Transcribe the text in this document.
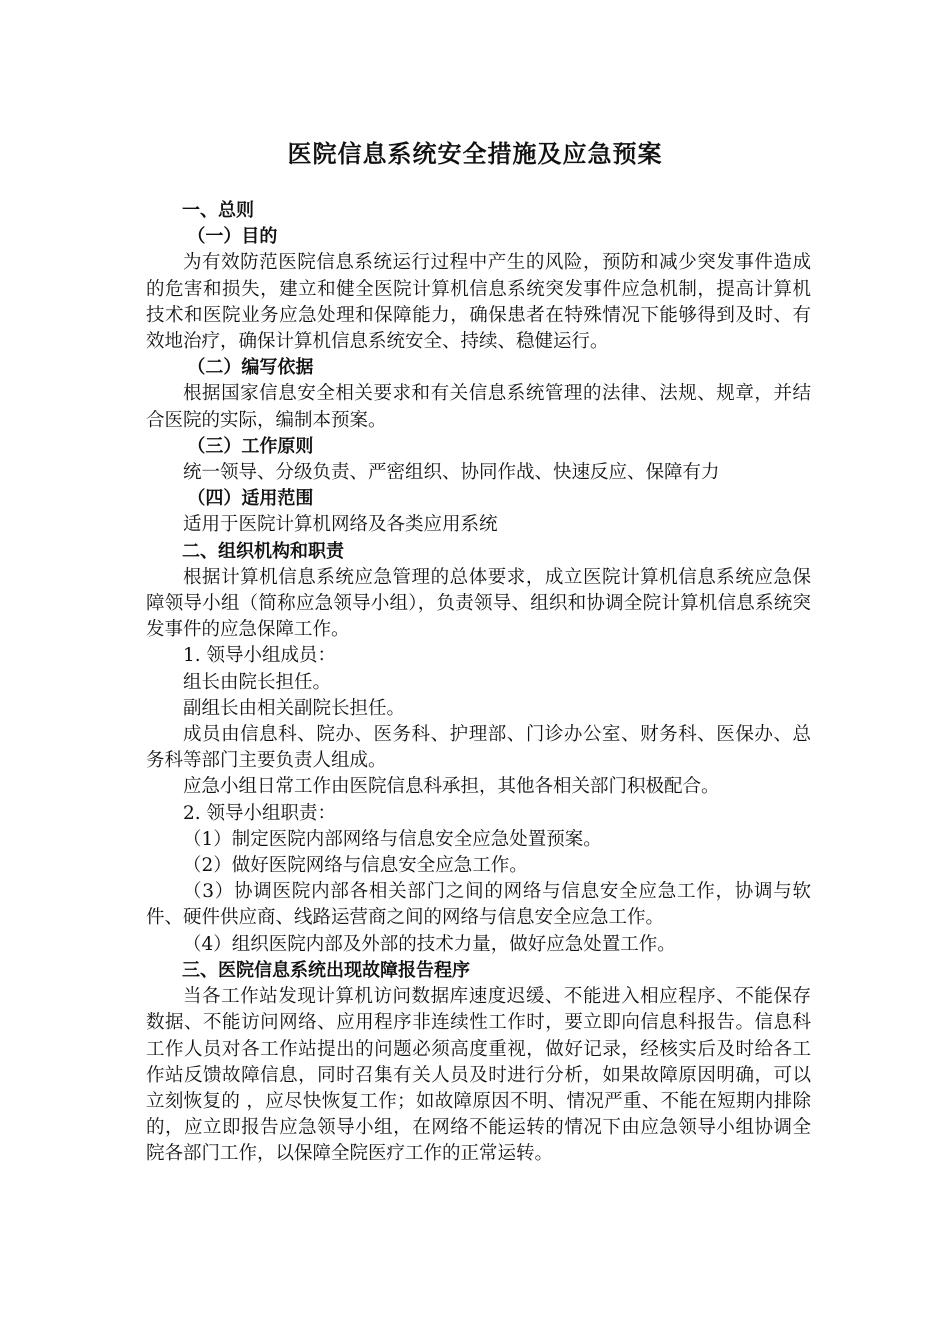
医院信息系统安全措施及应急预案

一、总则

（一）目的

为有效防范医院信息系统运行过程中产生的风险，预防和减少突发事件造成的危害和损失，建立和健全医院计算机信息系统突发事件应急机制，提高计算机技术和医院业务应急处理和保障能力，确保患者在特殊情况下能够得到及时、有效地治疗，确保计算机信息系统安全、持续、稳健运行。

（二）编写依据

根据国家信息安全相关要求和有关信息系统管理的法律、法规、规章，并结合医院的实际，编制本预案。

（三）工作原则

统一领导、分级负责、严密组织、协同作战、快速反应、保障有力

（四）适用范围

适用于医院计算机网络及各类应用系统

二、组织机构和职责

根据计算机信息系统应急管理的总体要求，成立医院计算机信息系统应急保障领导小组（简称应急领导小组），负责领导、组织和协调全院计算机信息系统突发事件的应急保障工作。

1. 领导小组成员：

组长由院长担任。

副组长由相关副院长担任。

成员由信息科、院办、医务科、护理部、门诊办公室、财务科、医保办、总务科等部门主要负责人组成。

应急小组日常工作由医院信息科承担，其他各相关部门积极配合。

2. 领导小组职责：

（1）制定医院内部网络与信息安全应急处置预案。

（2）做好医院网络与信息安全应急工作。

（3）协调医院内部各相关部门之间的网络与信息安全应急工作，协调与软件、硬件供应商、线路运营商之间的网络与信息安全应急工作。

（4）组织医院内部及外部的技术力量，做好应急处置工作。

三、医院信息系统出现故障报告程序

当各工作站发现计算机访问数据库速度迟缓、不能进入相应程序、不能保存数据、不能访问网络、应用程序非连续性工作时，要立即向信息科报告。信息科工作人员对各工作站提出的问题必须高度重视，做好记录，经核实后及时给各工作站反馈故障信息，同时召集有关人员及时进行分析，如果故障原因明确，可以立刻恢复的 ，应尽快恢复工作；如故障原因不明、情况严重、不能在短期内排除的，应立即报告应急领导小组，在网络不能运转的情况下由应急领导小组协调全院各部门工作，以保障全院医疗工作的正常运转。
